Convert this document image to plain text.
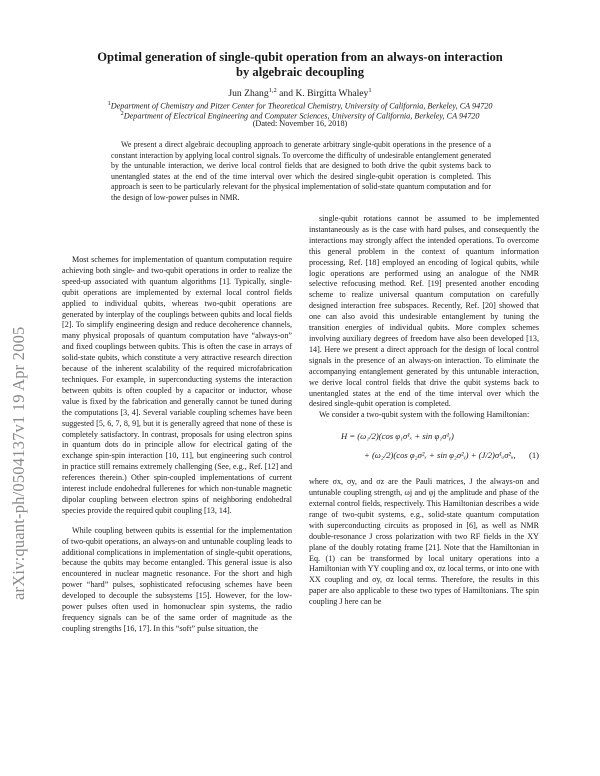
arXiv:quant-ph/0504137v1 19 Apr 2005
Optimal generation of single-qubit operation from an always-on interaction
by algebraic decoupling
Jun Zhang$^{1,2}$ and K. Birgitta Whaley$^1$
$^1$Department of Chemistry and Pitzer Center for Theoretical Chemistry, University of California, Berkeley, CA 94720
$^2$Department of Electrical Engineering and Computer Sciences, University of California, Berkeley, CA 94720
(Dated: November 16, 2018)
We present a direct algebraic decoupling approach to generate arbitrary single-qubit operations in the presence of a constant interaction by applying local control signals. To overcome the difficulty of undesirable entanglement generated by the untunable interaction, we derive local control fields that are designed to both drive the qubit systems back to unentangled states at the end of the time interval over which the desired single-qubit operation is completed. This approach is seen to be particularly relevant for the physical implementation of solid-state quantum computation and for the design of low-power pulses in NMR.

Most schemes for implementation of quantum computation require achieving both single- and two-qubit operations in order to realize the speed-up associated with quantum algorithms [1]. Typically, single-qubit operations are implemented by external local control fields applied to individual qubits, whereas two-qubit operations are generated by interplay of the couplings between qubits and local fields [2]. To simplify engineering design and reduce decoherence channels, many physical proposals of quantum computation have “always-on” and fixed couplings between qubits. This is often the case in arrays of solid-state qubits, which constitute a very attractive research direction because of the inherent scalability of the required microfabrication techniques. For example, in superconducting systems the interaction between qubits is often coupled by a capacitor or inductor, whose value is fixed by the fabrication and generally cannot be tuned during the computations [3, 4]. Several variable coupling schemes have been suggested [5, 6, 7, 8, 9], but it is generally agreed that none of these is completely satisfactory. In contrast, proposals for using electron spins in quantum dots do in principle allow for electrical gating of the exchange spin-spin interaction [10, 11], but engineering such control in practice still remains extremely challenging (See, e.g., Ref. [12] and references therein.) Other spin-coupled implementations of current interest include endohedral fullerenes for which non-tunable magnetic dipolar coupling between electron spins of neighboring endohedral species provide the required qubit coupling [13, 14].

While coupling between qubits is essential for the implementation of two-qubit operations, an always-on and untunable coupling leads to additional complications in implementation of single-qubit operations, because the qubits may become entangled. This general issue is also encountered in nuclear magnetic resonance. For the short and high power “hard” pulses, sophisticated refocusing schemes have been developed to decouple the subsystems [15]. However, for the low-power pulses often used in homonuclear spin systems, the radio frequency signals can be of the same order of magnitude as the coupling strengths [16, 17]. In this “soft” pulse situation, the

single-qubit rotations cannot be assumed to be implemented instantaneously as is the case with hard pulses, and consequently the interactions may strongly affect the intended operations. To overcome this general problem in the context of quantum information processing, Ref. [18] employed an encoding of logical qubits, while logic operations are performed using an analogue of the NMR selective refocusing method. Ref. [19] presented another encoding scheme to realize universal quantum computation on carefully designed interaction free subspaces. Recently, Ref. [20] showed that one can also avoid this undesirable entanglement by tuning the transition energies of individual qubits. More complex schemes involving auxiliary degrees of freedom have also been developed [13, 14]. Here we present a direct approach for the design of local control signals in the presence of an always-on interaction. To eliminate the accompanying entanglement generated by this untunable interaction, we derive local control fields that drive the qubit systems back to unentangled states at the end of the time interval over which the desired single-qubit operation is completed.

We consider a two-qubit system with the following Hamiltonian:

H = (ω₁/2)(cos φ₁σ¹ₓ + sin φ₁σ¹ᵧ)
+ (ω₂/2)(cos φ₂σ²ₓ + sin φ₂σ²ᵧ) + (J/2)σ¹ᵤσ²ᵤ, (1)

where σx, σy, and σz are the Pauli matrices, J the always-on and untunable coupling strength, ωj and φj the amplitude and phase of the external control fields, respectively. This Hamiltonian describes a wide range of two-qubit systems, e.g., solid-state quantum computation with superconducting circuits as proposed in [6], as well as NMR double-resonance J cross polarization with two RF fields in the XY plane of the doubly rotating frame [21]. Note that the Hamiltonian in Eq. (1) can be transformed by local unitary operations into a Hamiltonian with YY coupling and σx, σz local terms, or into one with XX coupling and σy, σz local terms. Therefore, the results in this paper are also applicable to these two types of Hamiltonians. The spin coupling J here can be
